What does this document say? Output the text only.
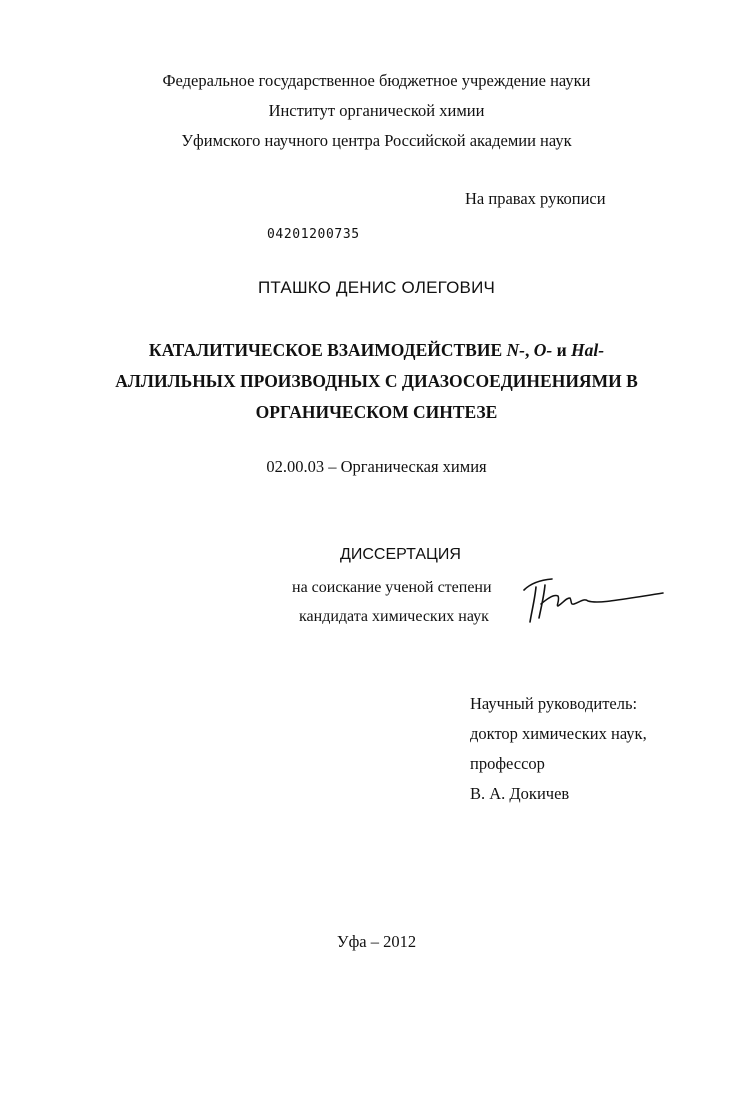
Федеральное государственное бюджетное учреждение науки
Институт органической химии
Уфимского научного центра Российской академии наук
На правах рукописи
04201200735
ПТАШКО ДЕНИС ОЛЕГОВИЧ
КАТАЛИТИЧЕСКОЕ ВЗАИМОДЕЙСТВИЕ N-, O- и Hal-
АЛЛИЛЬНЫХ ПРОИЗВОДНЫХ С ДИАЗОСОЕДИНЕНИЯМИ В
ОРГАНИЧЕСКОМ СИНТЕЗЕ
02.00.03 – Органическая химия
ДИССЕРТАЦИЯ
на соискание ученой степени
кандидата химических наук
Научный руководитель:
доктор химических наук,
профессор
В. А. Докичев
Уфа – 2012
